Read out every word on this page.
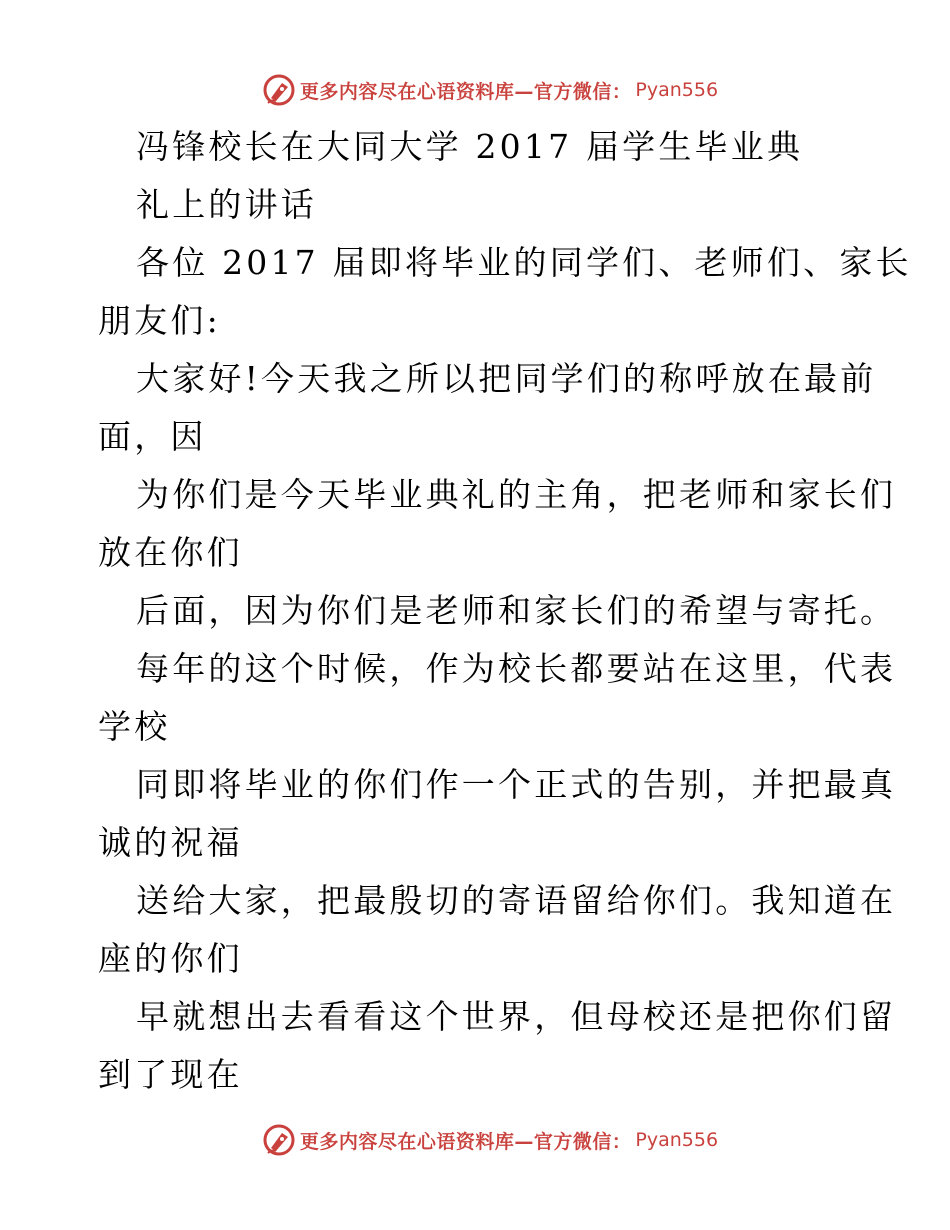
更多内容尽在心语资料库—官方微信： Pyan556
冯锋校长在大同大学 2017 届学生毕业典
礼上的讲话
各位 2017 届即将毕业的同学们、老师们、家长
朋友们:
大家好!今天我之所以把同学们的称呼放在最前
面，因
为你们是今天毕业典礼的主角，把老师和家长们
放在你们
后面，因为你们是老师和家长们的希望与寄托。
每年的这个时候，作为校长都要站在这里，代表
学校
同即将毕业的你们作一个正式的告别，并把最真
诚的祝福
送给大家，把最殷切的寄语留给你们。我知道在
座的你们
早就想出去看看这个世界，但母校还是把你们留
到了现在
更多内容尽在心语资料库—官方微信： Pyan556
